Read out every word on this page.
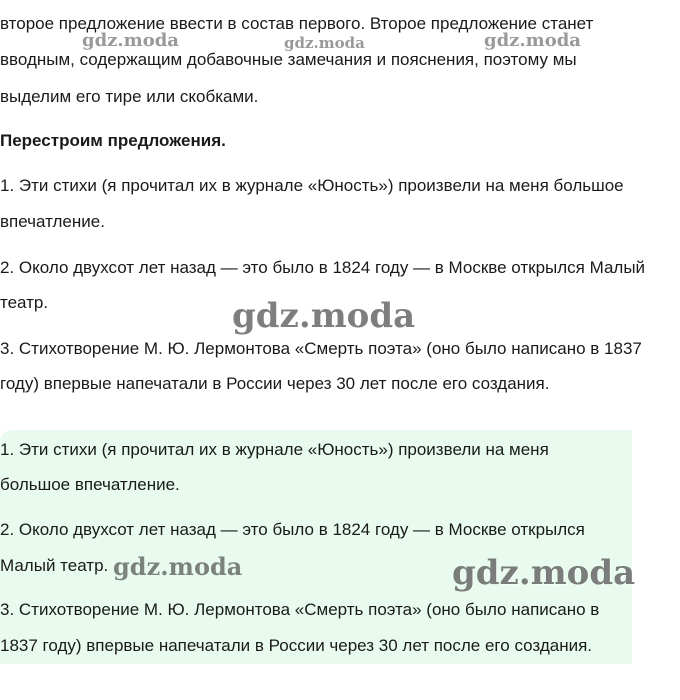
второе предложение ввести в состав первого. Второе предложение станет

вводным, содержащим добавочные замечания и пояснения, поэтому мы

выделим его тире или скобками.

Перестроим предложения.

1. Эти стихи (я прочитал их в журнале «Юность») произвели на меня большое

впечатление.

2. Около двухсот лет назад — это было в 1824 году — в Москве открылся Малый

театр.

3. Стихотворение М. Ю. Лермонтова «Смерть поэта» (оно было написано в 1837

году) впервые напечатали в России через 30 лет после его создания.

1. Эти стихи (я прочитал их в журнале «Юность») произвели на меня

большое впечатление.

2. Около двухсот лет назад — это было в 1824 году — в Москве открылся

Малый театр.

3. Стихотворение М. Ю. Лермонтова «Смерть поэта» (оно было написано в

1837 году) впервые напечатали в России через 30 лет после его создания.

gdz.moda	gdz.moda	gdz.moda
gdz.moda
gdz.moda	gdz.moda
